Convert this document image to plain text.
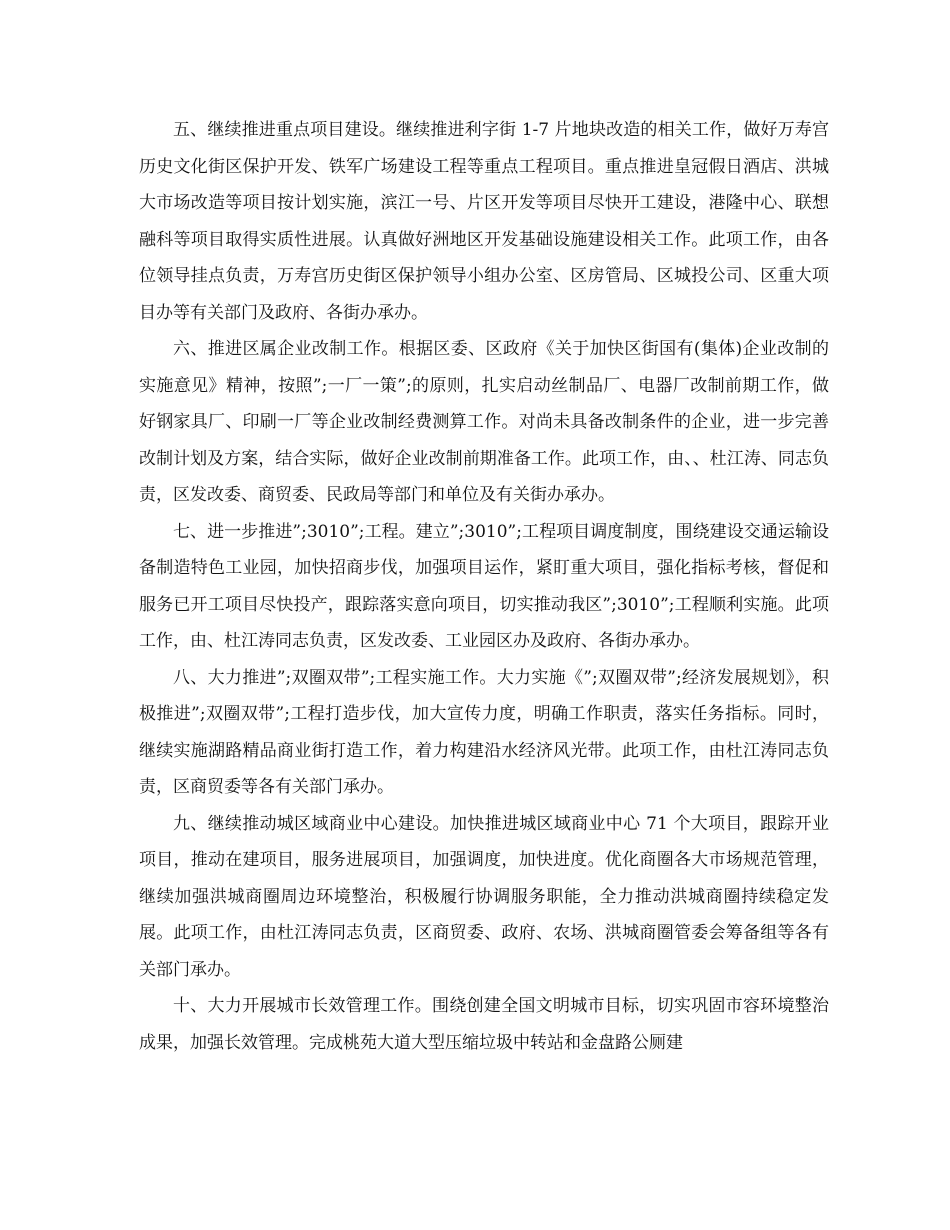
五、继续推进重点项目建设。继续推进利字街 1-7 片地块改造的相关工作，做好万寿宫历史文化街区保护开发、铁军广场建设工程等重点工程项目。重点推进皇冠假日酒店、洪城大市场改造等项目按计划实施，滨江一号、片区开发等项目尽快开工建设，港隆中心、联想融科等项目取得实质性进展。认真做好洲地区开发基础设施建设相关工作。此项工作，由各位领导挂点负责，万寿宫历史街区保护领导小组办公室、区房管局、区城投公司、区重大项目办等有关部门及政府、各街办承办。

六、推进区属企业改制工作。根据区委、区政府《关于加快区街国有(集体)企业改制的实施意见》精神，按照”;一厂一策”;的原则，扎实启动丝制品厂、电器厂改制前期工作，做好钢家具厂、印刷一厂等企业改制经费测算工作。对尚未具备改制条件的企业，进一步完善改制计划及方案，结合实际，做好企业改制前期准备工作。此项工作，由、、杜江涛、同志负责，区发改委、商贸委、民政局等部门和单位及有关街办承办。

七、进一步推进”;3010”;工程。建立”;3010”;工程项目调度制度，围绕建设交通运输设备制造特色工业园，加快招商步伐，加强项目运作，紧盯重大项目，强化指标考核，督促和服务已开工项目尽快投产，跟踪落实意向项目，切实推动我区”;3010”;工程顺利实施。此项工作，由、杜江涛同志负责，区发改委、工业园区办及政府、各街办承办。

八、大力推进”;双圈双带”;工程实施工作。大力实施《”;双圈双带”;经济发展规划》，积极推进”;双圈双带”;工程打造步伐，加大宣传力度，明确工作职责，落实任务指标。同时，继续实施湖路精品商业街打造工作，着力构建沿水经济风光带。此项工作，由杜江涛同志负责，区商贸委等各有关部门承办。

九、继续推动城区域商业中心建设。加快推进城区域商业中心 71 个大项目，跟踪开业项目，推动在建项目，服务进展项目，加强调度，加快进度。优化商圈各大市场规范管理，继续加强洪城商圈周边环境整治，积极履行协调服务职能，全力推动洪城商圈持续稳定发展。此项工作，由杜江涛同志负责，区商贸委、政府、农场、洪城商圈管委会筹备组等各有关部门承办。

十、大力开展城市长效管理工作。围绕创建全国文明城市目标，切实巩固市容环境整治成果，加强长效管理。完成桃苑大道大型压缩垃圾中转站和金盘路公厕建
